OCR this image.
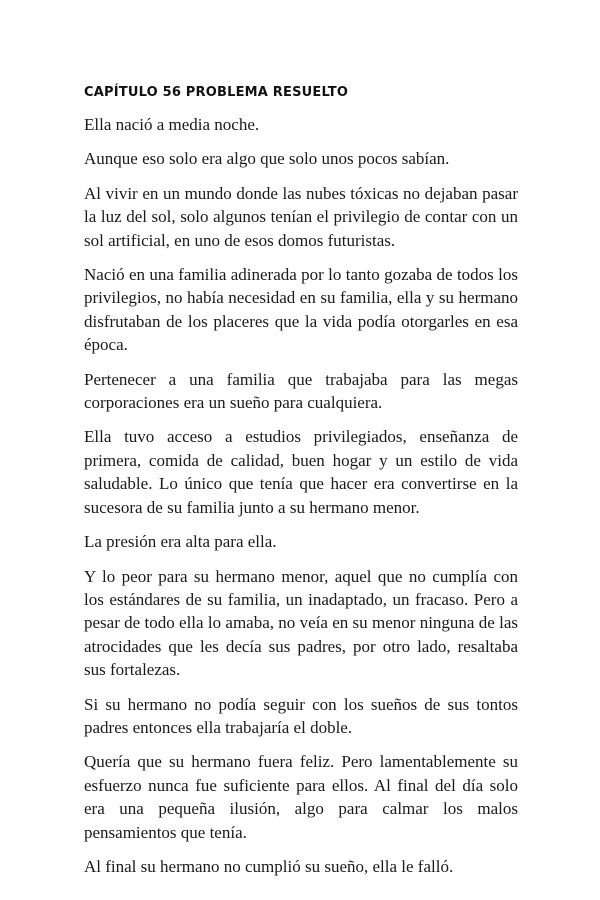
CAPÍTULO 56 PROBLEMA RESUELTO

Ella nació a media noche.

Aunque eso solo era algo que solo unos pocos sabían.

Al vivir en un mundo donde las nubes tóxicas no dejaban pasar la luz del sol, solo algunos tenían el privilegio de contar con un sol artificial, en uno de esos domos futuristas.

Nació en una familia adinerada por lo tanto gozaba de todos los privilegios, no había necesidad en su familia, ella y su hermano disfrutaban de los placeres que la vida podía otorgarles en esa época.

Pertenecer a una familia que trabajaba para las megas corporaciones era un sueño para cualquiera.

Ella tuvo acceso a estudios privilegiados, enseñanza de primera, comida de calidad, buen hogar y un estilo de vida saludable. Lo único que tenía que hacer era convertirse en la sucesora de su familia junto a su hermano menor.

La presión era alta para ella.

Y lo peor para su hermano menor, aquel que no cumplía con los estándares de su familia, un inadaptado, un fracaso. Pero a pesar de todo ella lo amaba, no veía en su menor ninguna de las atrocidades que les decía sus padres, por otro lado, resaltaba sus fortalezas.

Si su hermano no podía seguir con los sueños de sus tontos padres entonces ella trabajaría el doble.

Quería que su hermano fuera feliz. Pero lamentablemente su esfuerzo nunca fue suficiente para ellos. Al final del día solo era una pequeña ilusión, algo para calmar los malos pensamientos que tenía.

Al final su hermano no cumplió su sueño, ella le falló.
